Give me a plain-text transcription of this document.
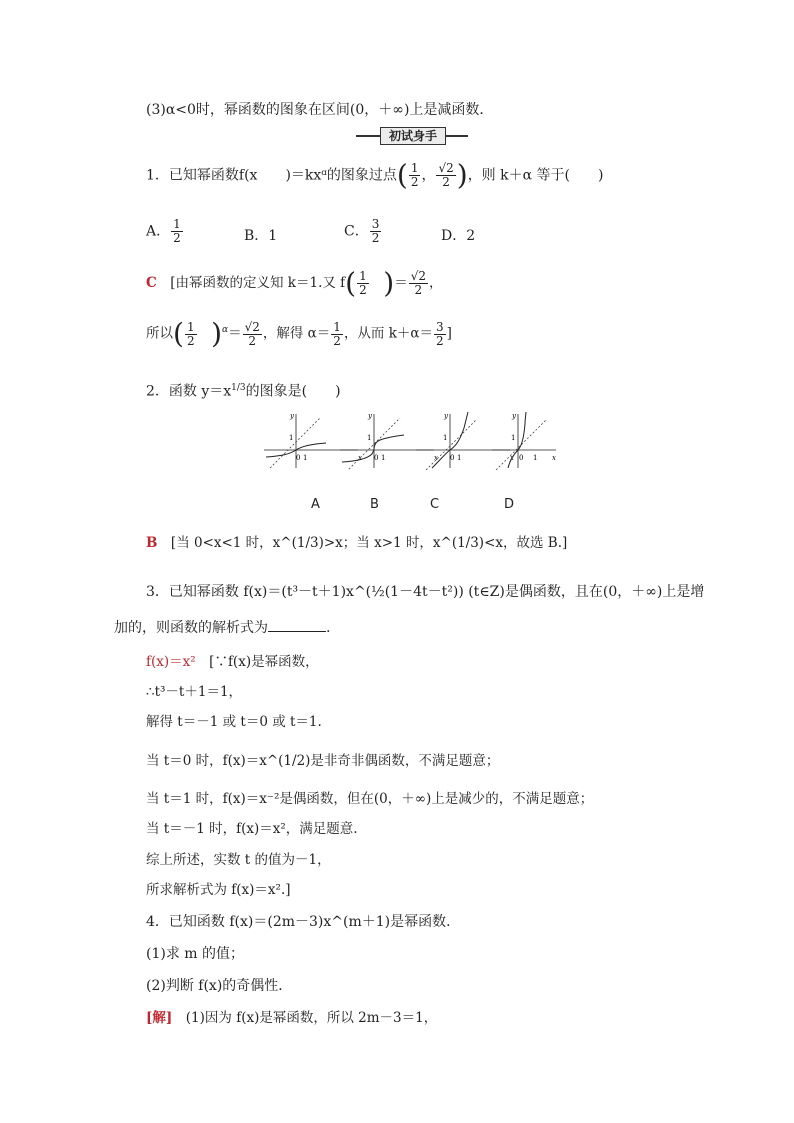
(3)α<0时，幂函数的图象在区间(0，＋∞)上是减函数．
初试身手
1．已知幂函数f(x　　)＝kxᵅ的图象过点( $\frac{1}{2}$ ， $\frac{√2}{2}$ )，则 k＋α 等于(　　)
A． $\frac{1}{2}$	B．1	C． $\frac{3}{2}$	D．2
C　 [由幂函数的定义知 k＝1.又 $f( \frac{1}{2}$
　 )＝ $\frac{√2}{2}$ ，
所以( $\frac{1}{2}$
　 )$^\alpha= \frac{√2}{2}$ ，解得 $\alpha= \frac{1}{2}$ ，从而 $k+\alpha= \frac{3}{2}$ ]
2．函数 $y=x^{1/3}$的图象是(　　)
x
y
1
0 1	x
y
1
0 1	x
y
1
0 1	x
y
1
0 1
A	B	C	D
B　 [当 0<x<1 时，x^(1/3)>x；当 x>1 时，x^(1/3)<x，故选 B.]
3．已知幂函数 f(x)＝(t³－t＋1)x^(½(1－4t－t²)) (t∈Z)是偶函数，且在(0，＋∞)上是增
加的，则函数的解析式为	.
f(x)＝x²　 [∵f(x)是幂函数，
∴t³－t＋1＝1，
解得 t＝－1 或 t＝0 或 t＝1.
当 t＝0 时，f(x)＝x^(1/2)是非奇非偶函数，不满足题意；
当 t＝1 时，f(x)＝x⁻²是偶函数，但在(0，＋∞)上是减少的，不满足题意；
当 t＝－1 时，f(x)＝x²，满足题意.
综上所述，实数 t 的值为－1，
所求解析式为 f(x)＝x².]
4．已知函数 f(x)＝(2m－3)x^(m＋1)是幂函数．
(1)求 m 的值；
(2)判断 f(x)的奇偶性．
[解]　(1)因为 f(x)是幂函数，所以 2m－3＝1，
